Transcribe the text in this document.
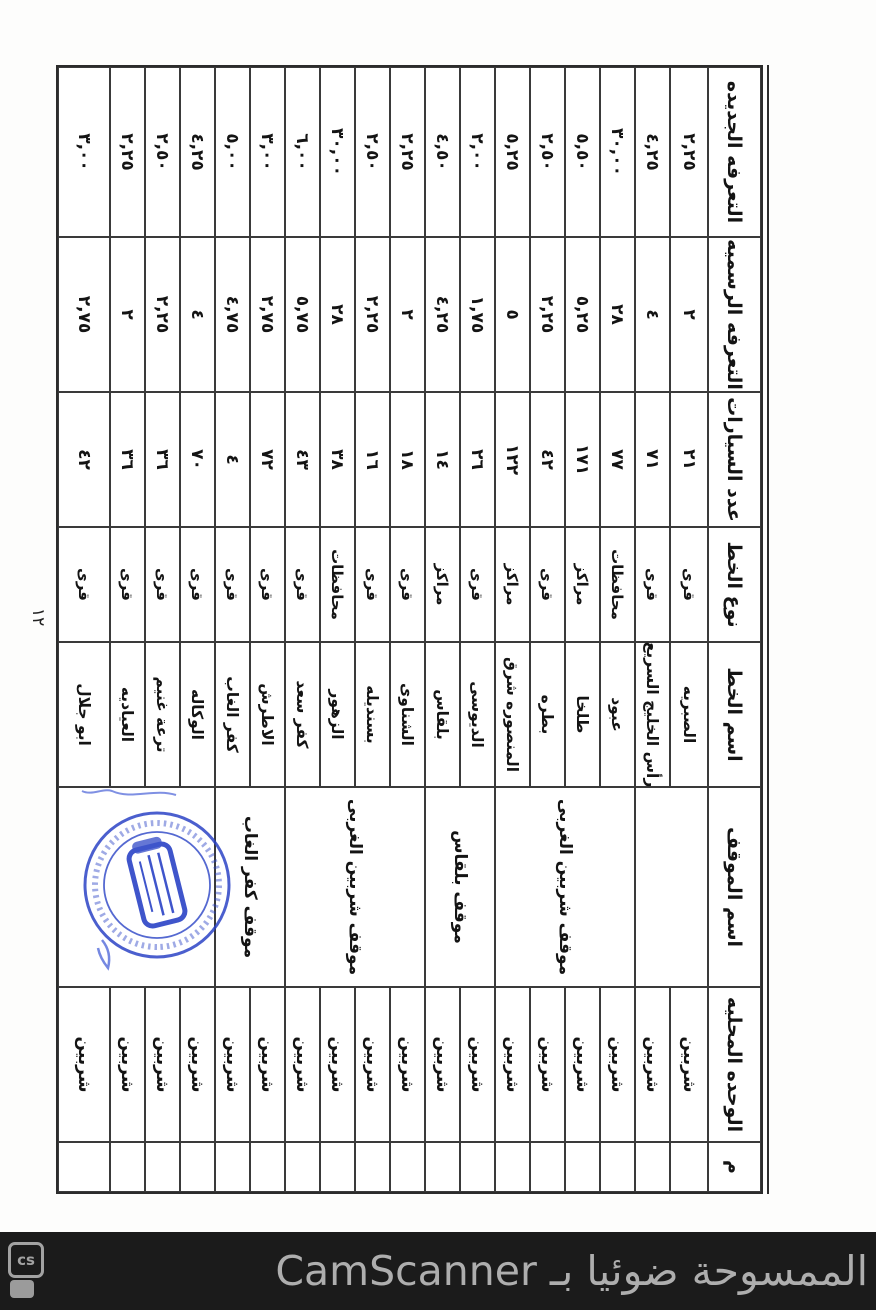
م
الوحده المحليه
اسم الموقف
اسم الخط
نوع الخط
عدد السيارات
التعرفه الرسميه
التعرفه الجديده
شربين
الصبريه
قرى
٢١
٢
٢,٢٥
شربين
رأس الخليج السريع
قرى
٧١
٤
٤,٢٥
شربين
عبود
محافظات
٧٧
٢٨
٣٠,٠٠
شربين
طلخا
مراكز
١٧١
٥,٢٥
٥,٥٠
شربين
بطره
قرى
٤٢
٢,٢٥
٢,٥٠
شربين
المنصوره شرق
مراكز
١٢٢
٥
٥,٢٥
شربين
الديوسى
قرى
٢٦
١,٧٥
٢,٠٠
شربين
بلقاس
مراكز
١٤
٤,٢٥
٤,٥٠
شربين
الشناوى
قرى
١٨
٢
٢,٢٥
شربين
بسنديله
قرى
١٦
٢,٢٥
٢,٥٠
شربين
الزهور
محافظات
٣٨
٢٨
٣٠,٠٠
شربين
كفر سعد
قرى
٤٣
٥,٧٥
٦,٠٠
شربين
الاطرش
قرى
٧٢
٢,٧٥
٣,٠٠
شربين
كفر الغاب
قرى
٤
٤,٧٥
٥,٠٠
شربين
الوكاله
قرى
٧٠
٤
٤,٢٥
شربين
ترعة غنيم
قرى
٣٦
٢,٢٥
٢,٥٠
شربين
العياديه
قرى
٣٦
٢
٢,٢٥
شربين
ابو جلال
قرى
٤٢
٢,٧٥
٣,٠٠
موقف شربين الغربى
موقف بلقاس
موقف شربين الغربى
موقف كفر الغاب
١٢
cs	الممسوحة ضوئيا بـ CamScanner
